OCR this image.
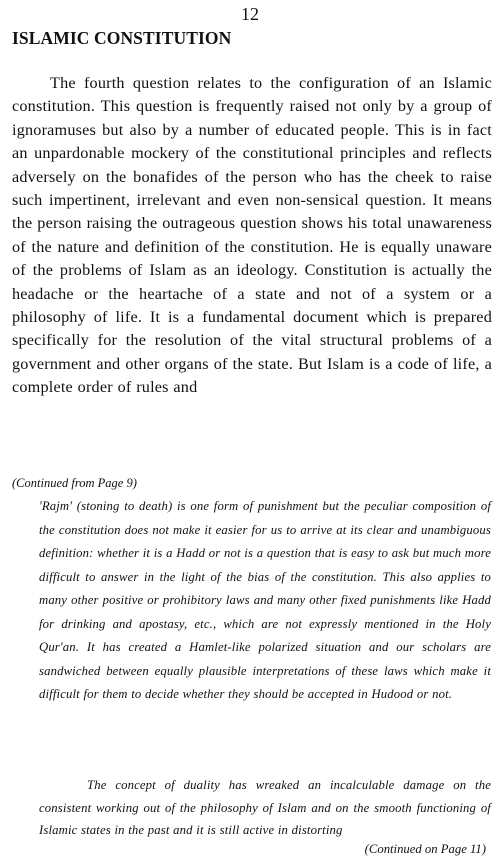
12
ISLAMIC CONSTITUTION

The fourth question relates to the configuration of an Islamic constitution. This question is frequently raised not only by a group of ignoramuses but also by a number of educated people. This is in fact an unpardonable mockery of the constitutional principles and reflects adversely on the bonafides of the person who has the cheek to raise such impertinent, irrelevant and even non-sensical question. It means the person raising the outrageous question shows his total unawareness of the nature and definition of the constitution. He is equally unaware of the problems of Islam as an ideology. Constitution is actually the headache or the heartache of a state and not of a system or a philosophy of life. It is a fundamental document which is prepared specifically for the resolution of the vital structural problems of a government and other organs of the state. But Islam is a code of life, a complete order of rules and

(Continued from Page 9)

'Rajm' (stoning to death) is one form of punishment but the peculiar composition of the constitution does not make it easier for us to arrive at its clear and unambiguous definition: whether it is a Hadd or not is a question that is easy to ask but much more difficult to answer in the light of the bias of the constitution. This also applies to many other positive or prohibitory laws and many other fixed punishments like Hadd for drinking and apostasy, etc., which are not expressly mentioned in the Holy Qur'an. It has created a Hamlet-like polarized situation and our scholars are sandwiched between equally plausible interpretations of these laws which make it difficult for them to decide whether they should be accepted in Hudood or not.

The concept of duality has wreaked an incalculable damage on the consistent working out of the philosophy of Islam and on the smooth functioning of Islamic states in the past and it is still active in distorting

(Continued on Page 11)
